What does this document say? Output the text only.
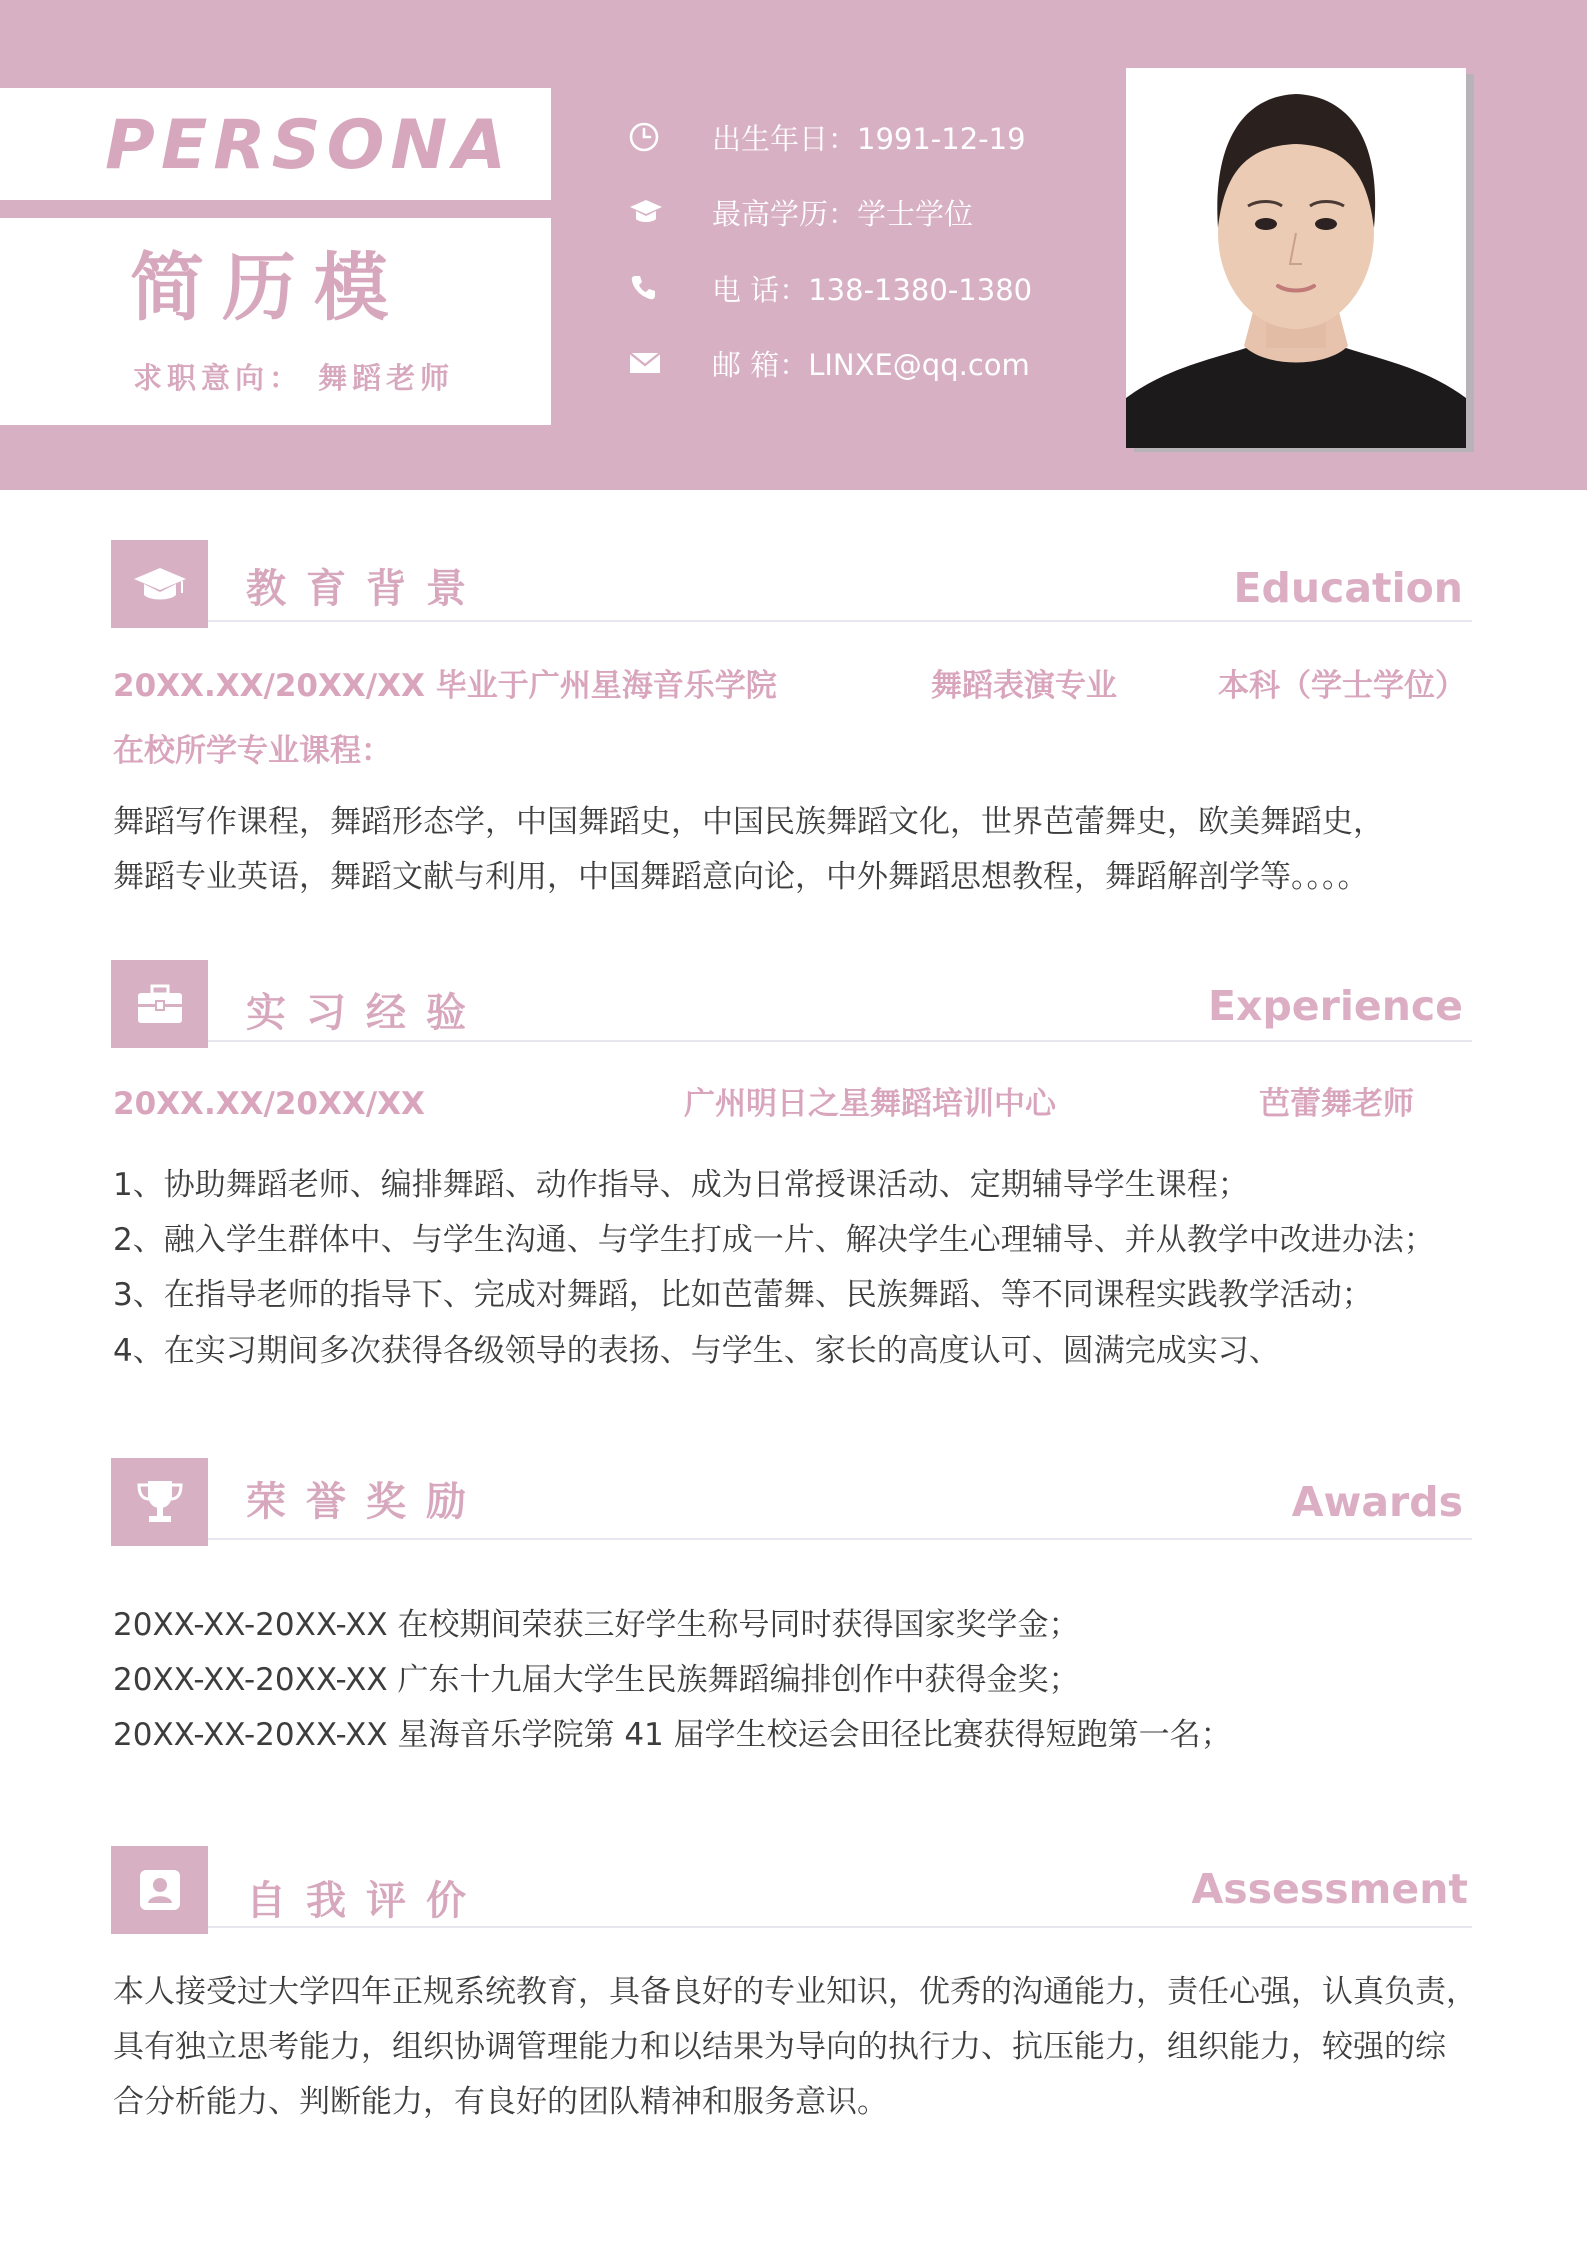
PERSONA
简历模
求职意向： 舞蹈老师
出生年日：1991-12-19
最高学历：学士学位
电 话：138-1380-1380
邮 箱：LINXE@qq.com
教育背景	Education
20XX.XX/20XX/XX 毕业于广州星海音乐学院	舞蹈表演专业	本科（学士学位）
在校所学专业课程：
舞蹈写作课程，舞蹈形态学，中国舞蹈史，中国民族舞蹈文化，世界芭蕾舞史，欧美舞蹈史，
舞蹈专业英语，舞蹈文献与利用，中国舞蹈意向论，中外舞蹈思想教程，舞蹈解剖学等。。。。
实习经验	Experience
20XX.XX/20XX/XX	广州明日之星舞蹈培训中心	芭蕾舞老师
1、协助舞蹈老师、编排舞蹈、动作指导、成为日常授课活动、定期辅导学生课程；
2、融入学生群体中、与学生沟通、与学生打成一片、解决学生心理辅导、并从教学中改进办法；
3、在指导老师的指导下、完成对舞蹈，比如芭蕾舞、民族舞蹈、等不同课程实践教学活动；
4、在实习期间多次获得各级领导的表扬、与学生、家长的高度认可、圆满完成实习、
荣誉奖励	Awards
20XX-XX-20XX-XX 在校期间荣获三好学生称号同时获得国家奖学金；
20XX-XX-20XX-XX 广东十九届大学生民族舞蹈编排创作中获得金奖；
20XX-XX-20XX-XX 星海音乐学院第 41 届学生校运会田径比赛获得短跑第一名；
自我评价	Assessment
本人接受过大学四年正规系统教育，具备良好的专业知识，优秀的沟通能力，责任心强，认真负责，
具有独立思考能力，组织协调管理能力和以结果为导向的执行力、抗压能力，组织能力，较强的综
合分析能力、判断能力，有良好的团队精神和服务意识。
